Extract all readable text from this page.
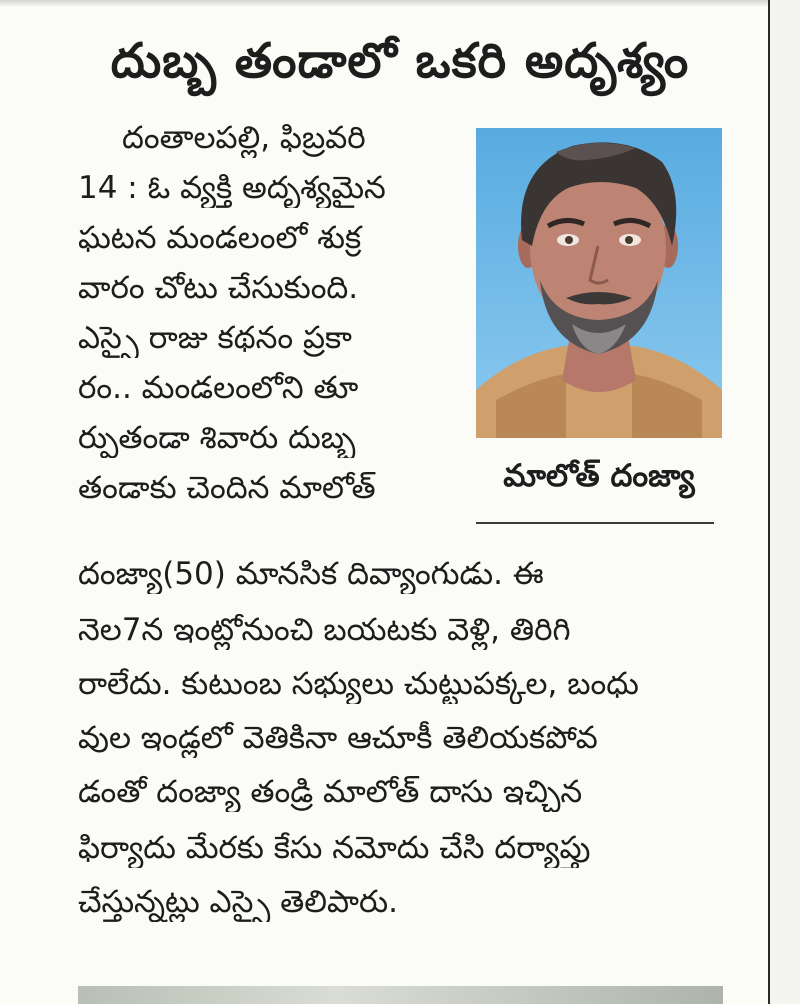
దుబ్బ తండాలో ఒకరి అదృశ్యం

దంతాలపల్లి, ఫిబ్రవరి

14 : ఓ వ్యక్తి అదృశ్యమైన

ఘటన మండలంలో శుక్ర

వారం చోటు చేసుకుంది.

ఎస్సై రాజు కథనం ప్రకా

రం.. మండలంలోని తూ

ర్పుతండా శివారు దుబ్బ

తండాకు చెందిన మాలోత్

దంజ్యా(50) మానసిక దివ్యాంగుడు. ఈ

నెల7న ఇంట్లోనుంచి బయటకు వెళ్లి, తిరిగి

రాలేదు. కుటుంబ సభ్యులు చుట్టుపక్కల, బంధు

వుల ఇండ్లలో వెతికినా ఆచూకీ తెలియకపోవ

డంతో దంజ్యా తండ్రి మాలోత్ దాసు ఇచ్చిన

ఫిర్యాదు మేరకు కేసు నమోదు చేసి దర్యాప్తు

చేస్తున్నట్లు ఎస్సై తెలిపారు.

మాలోత్ దంజ్యా
